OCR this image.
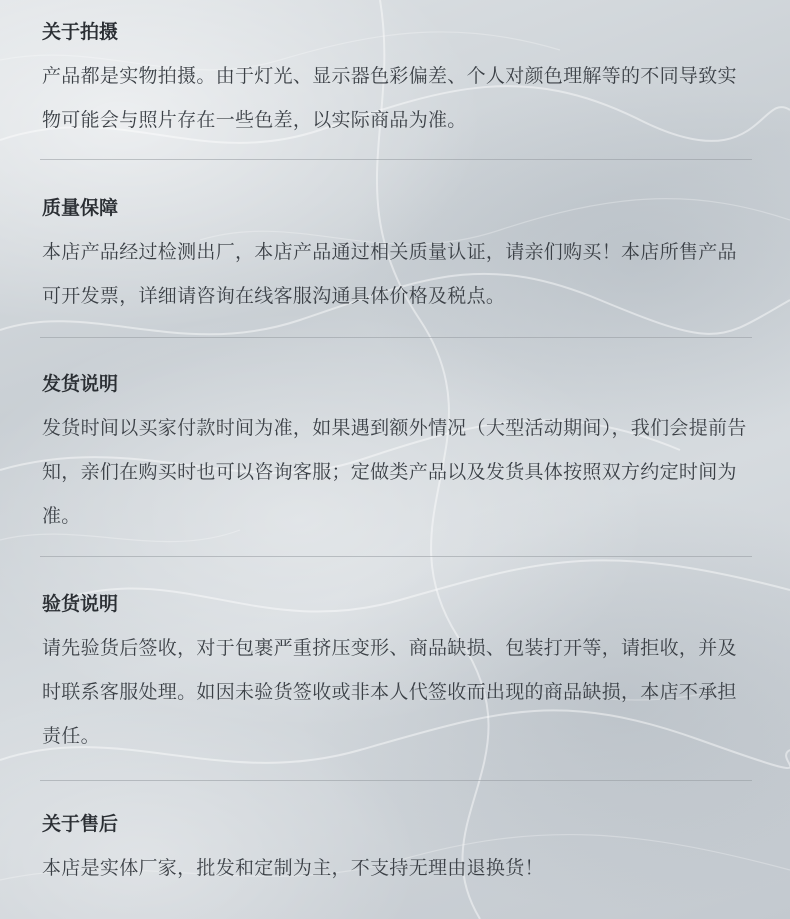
关于拍摄

产品都是实物拍摄。由于灯光、显示器色彩偏差、个人对颜色理解等的不同导致实物可能会与照片存在一些色差，以实际商品为准。

质量保障

本店产品经过检测出厂，本店产品通过相关质量认证，请亲们购买！本店所售产品可开发票，详细请咨询在线客服沟通具体价格及税点。

发货说明

发货时间以买家付款时间为准，如果遇到额外情况（大型活动期间），我们会提前告知，亲们在购买时也可以咨询客服；定做类产品以及发货具体按照双方约定时间为准。

验货说明

请先验货后签收，对于包裹严重挤压变形、商品缺损、包装打开等，请拒收，并及时联系客服处理。如因未验货签收或非本人代签收而出现的商品缺损，本店不承担责任。

关于售后

本店是实体厂家，批发和定制为主，不支持无理由退换货！
